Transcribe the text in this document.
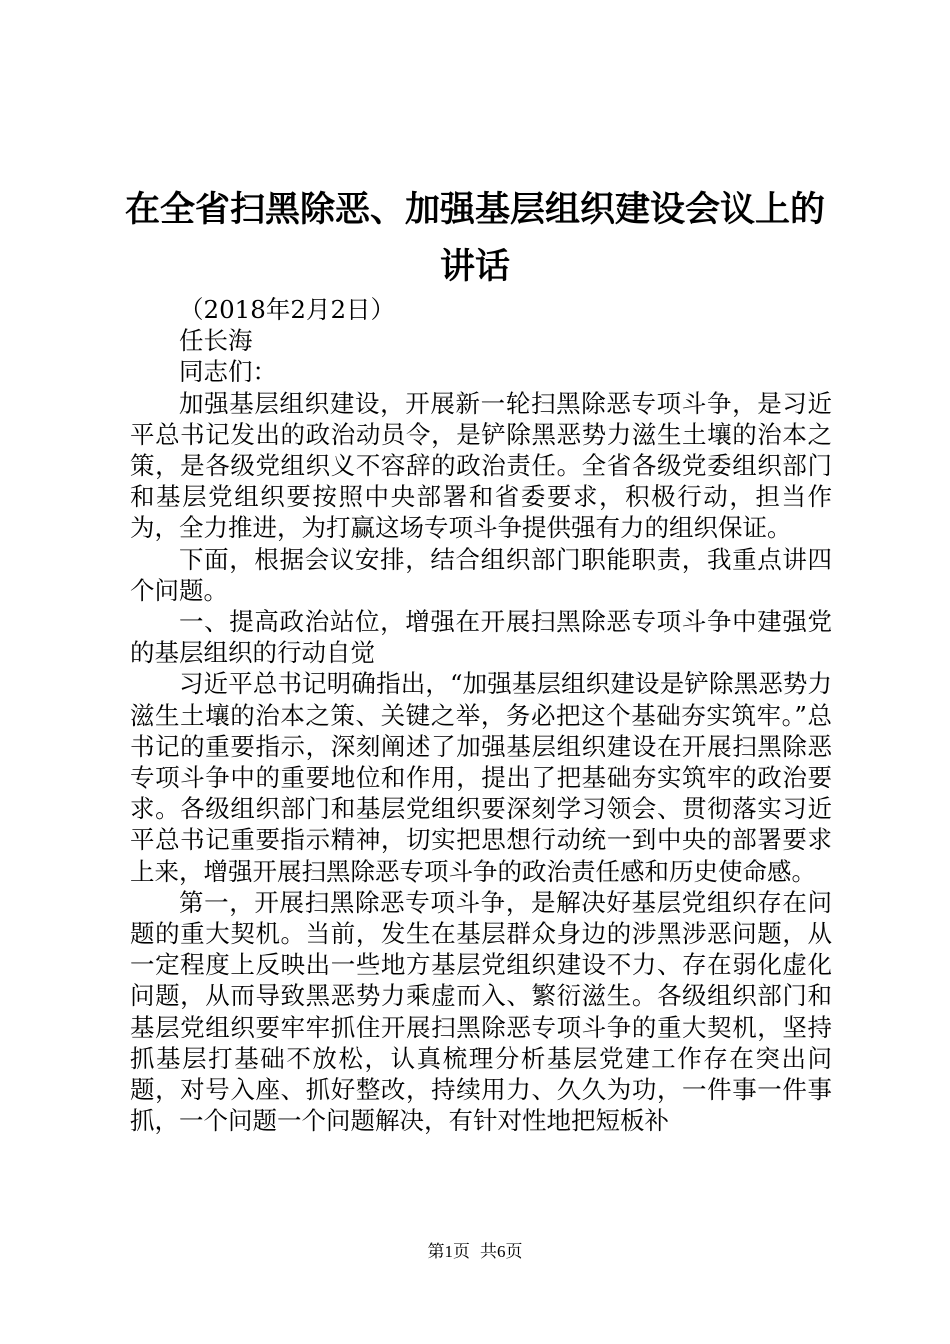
在全省扫黑除恶、加强基层组织建设会议上的讲话

（2018年2月2日）

任长海

同志们：

加强基层组织建设，开展新一轮扫黑除恶专项斗争，是习近平总书记发出的政治动员令，是铲除黑恶势力滋生土壤的治本之策，是各级党组织义不容辞的政治责任。全省各级党委组织部门和基层党组织要按照中央部署和省委要求，积极行动，担当作为，全力推进，为打赢这场专项斗争提供强有力的组织保证。

下面，根据会议安排，结合组织部门职能职责，我重点讲四个问题。

一、提高政治站位，增强在开展扫黑除恶专项斗争中建强党的基层组织的行动自觉

习近平总书记明确指出，“加强基层组织建设是铲除黑恶势力滋生土壤的治本之策、关键之举，务必把这个基础夯实筑牢。”总书记的重要指示，深刻阐述了加强基层组织建设在开展扫黑除恶专项斗争中的重要地位和作用，提出了把基础夯实筑牢的政治要求。各级组织部门和基层党组织要深刻学习领会、贯彻落实习近平总书记重要指示精神，切实把思想行动统一到中央的部署要求上来，增强开展扫黑除恶专项斗争的政治责任感和历史使命感。

第一，开展扫黑除恶专项斗争，是解决好基层党组织存在问题的重大契机。当前，发生在基层群众身边的涉黑涉恶问题，从一定程度上反映出一些地方基层党组织建设不力、存在弱化虚化问题，从而导致黑恶势力乘虚而入、繁衍滋生。各级组织部门和基层党组织要牢牢抓住开展扫黑除恶专项斗争的重大契机，坚持抓基层打基础不放松，认真梳理分析基层党建工作存在突出问题，对号入座、抓好整改，持续用力、久久为功，一件事一件事抓，一个问题一个问题解决，有针对性地把短板补

第1页 共6页
